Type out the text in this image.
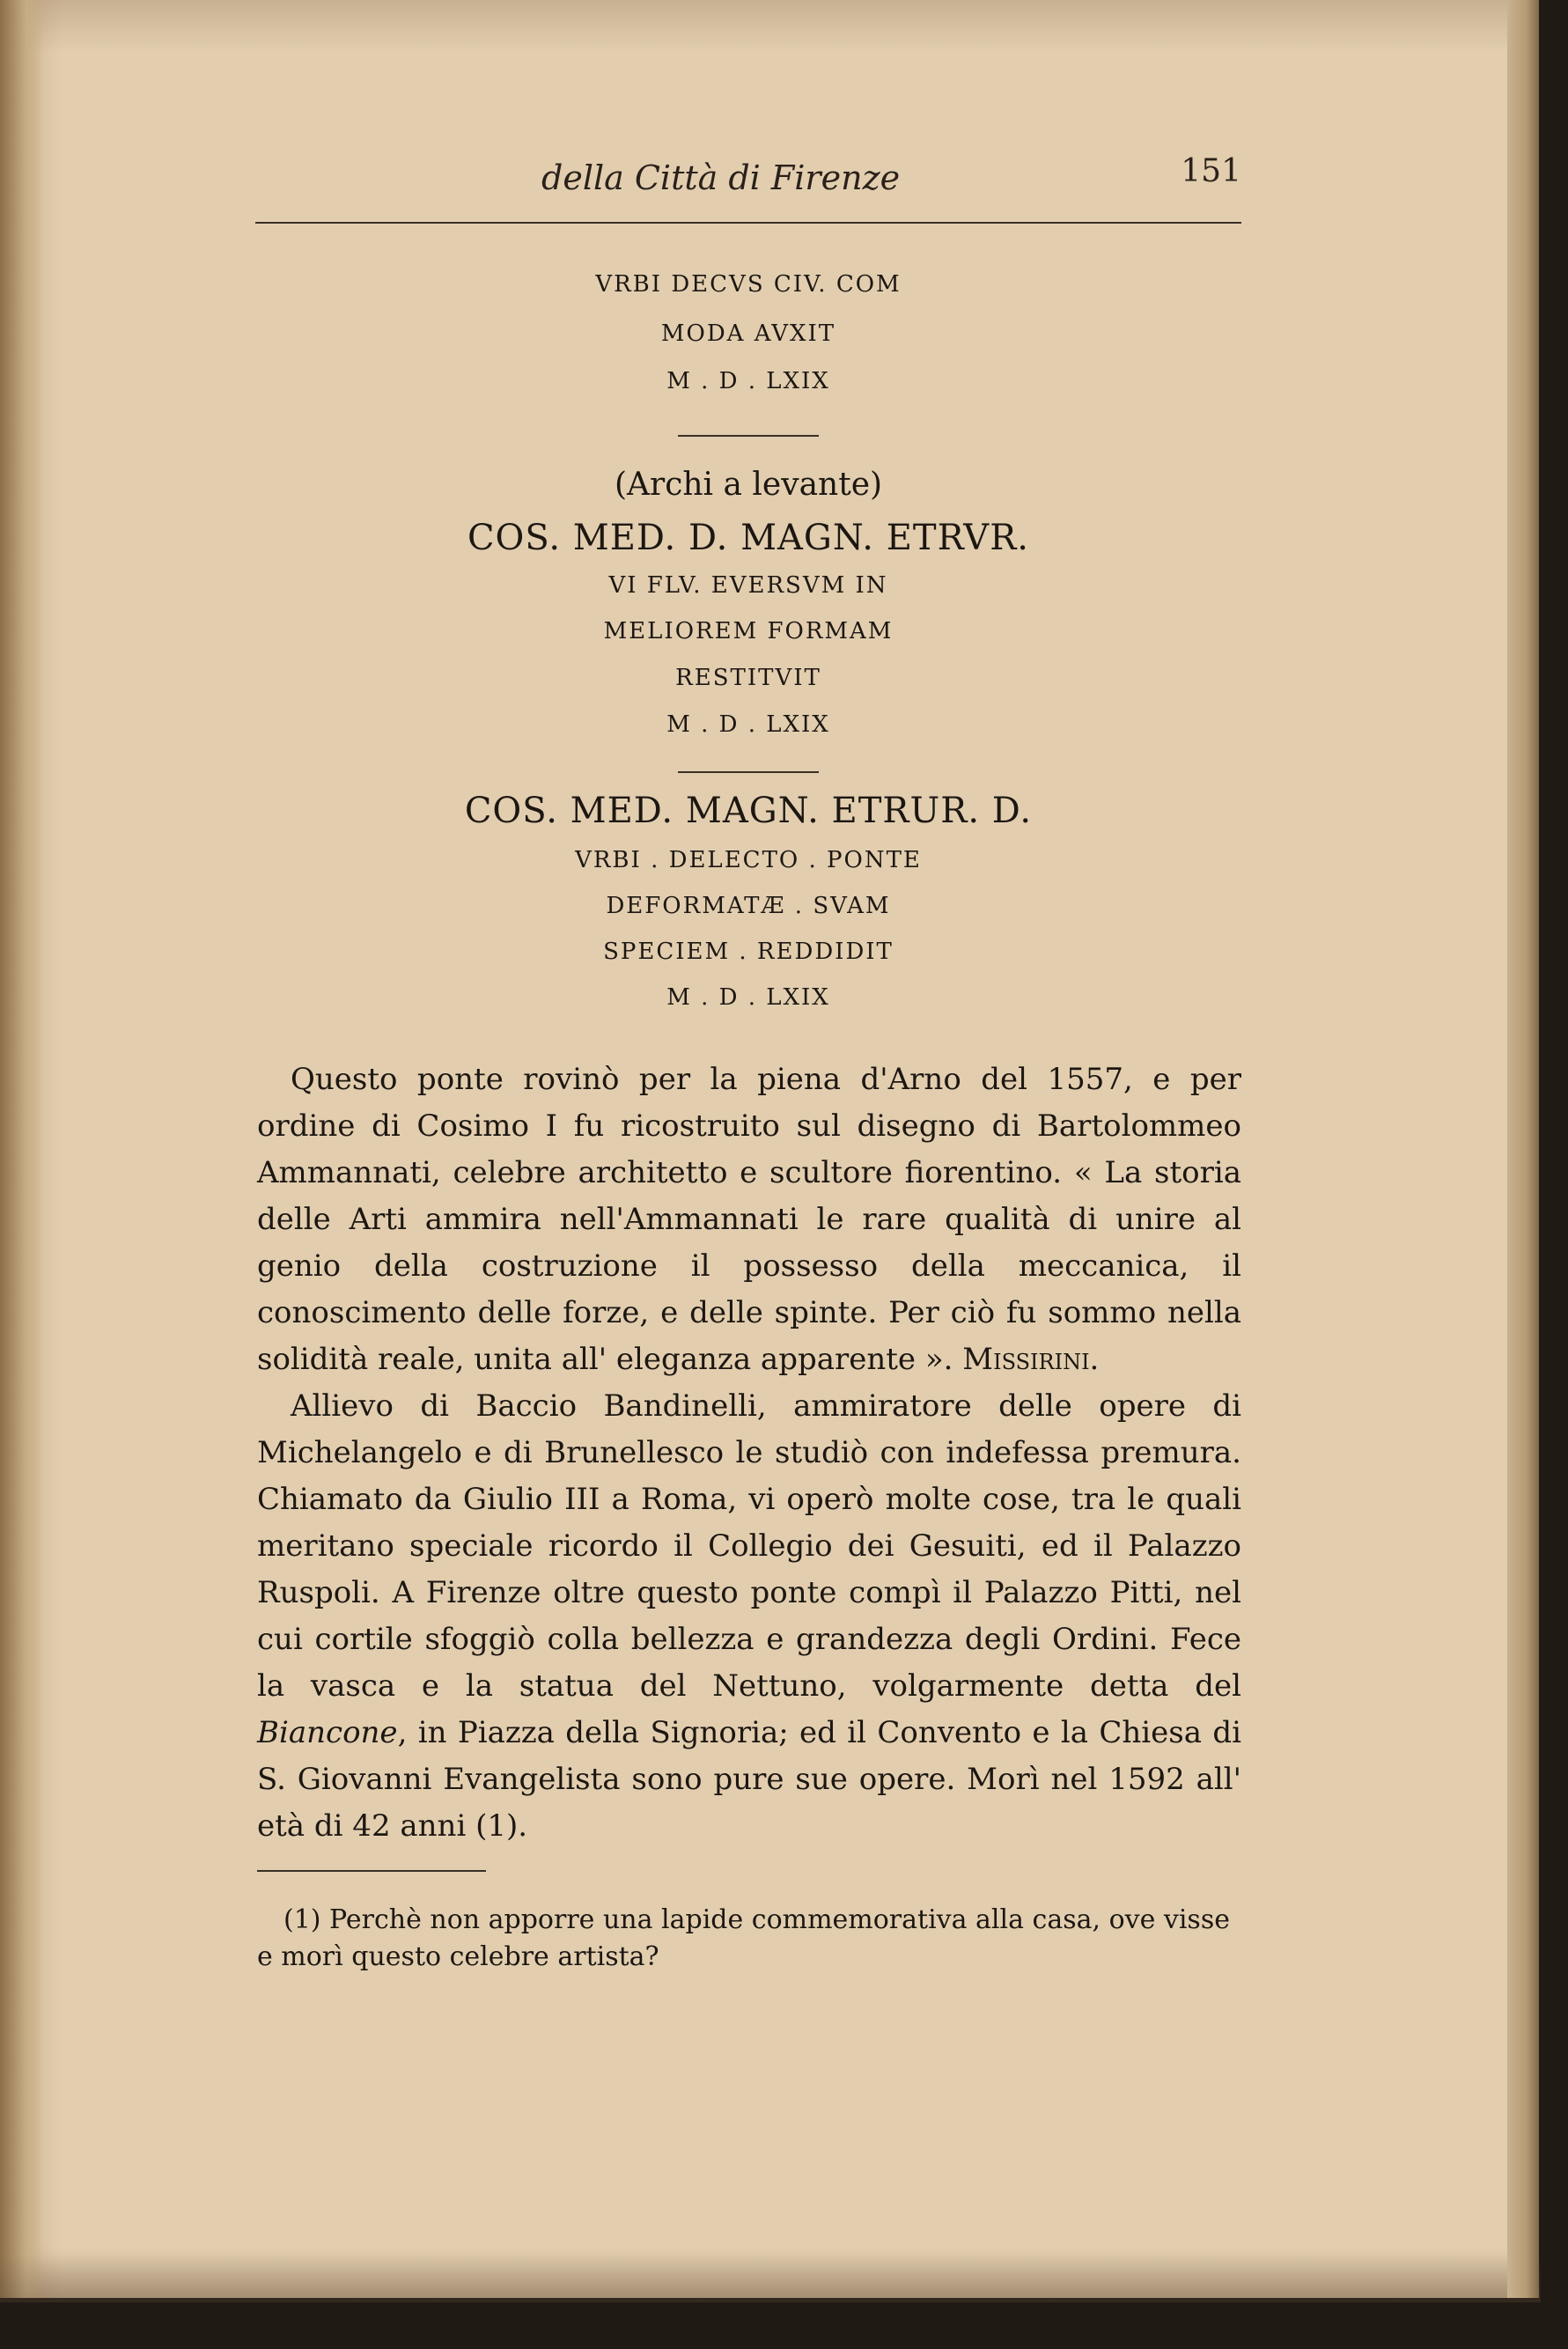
della Città di Firenze	151
VRBI DECVS CIV. COM
MODA AVXIT
M . D . LXIX
(Archi a levante)
COS. MED. D. MAGN. ETRVR.
VI FLV. EVERSVM IN
MELIOREM FORMAM
RESTITVIT
M . D . LXIX
COS. MED. MAGN. ETRUR. D.
VRBI . DELECTO . PONTE
DEFORMATÆ . SVAM
SPECIEM . REDDIDIT
M . D . LXIX

Questo ponte rovinò per la piena d'Arno del 1557, e per ordine di Cosimo I fu ricostruito sul disegno di Bartolommeo Ammannati, celebre architetto e scultore fiorentino. « La storia delle Arti ammira nell'Ammannati le rare qualità di unire al genio della costruzione il possesso della meccanica, il conoscimento delle forze, e delle spinte. Per ciò fu sommo nella solidità reale, unita all' eleganza apparente ». Missirini.

Allievo di Baccio Bandinelli, ammiratore delle opere di Michelangelo e di Brunellesco le studiò con indefessa premura. Chiamato da Giulio III a Roma, vi operò molte cose, tra le quali meritano speciale ricordo il Collegio dei Gesuiti, ed il Palazzo Ruspoli. A Firenze oltre questo ponte compì il Palazzo Pitti, nel cui cortile sfoggiò colla bellezza e grandezza degli Ordini. Fece la vasca e la statua del Nettuno, volgarmente detta del Biancone, in Piazza della Signoria; ed il Convento e la Chiesa di S. Giovanni Evangelista sono pure sue opere. Morì nel 1592 all' età di 42 anni (1).

(1) Perchè non apporre una lapide commemorativa alla casa, ove visse e morì questo celebre artista?
